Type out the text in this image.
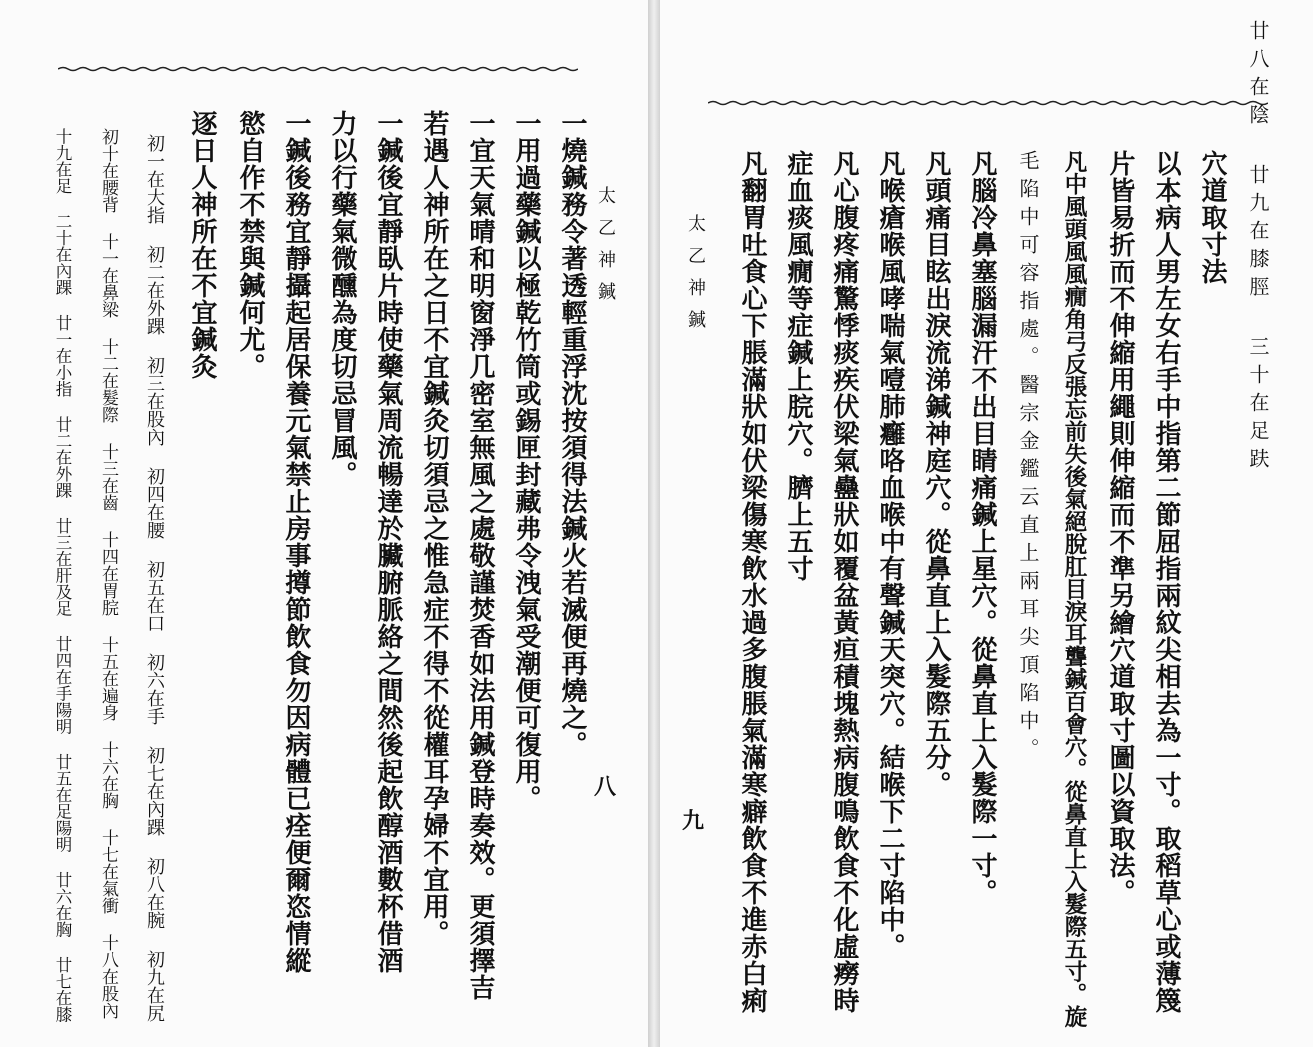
太乙神鍼
八
一燒鍼務令著透輕重浮沈按須得法鍼火若滅便再燒之。
一用過藥鍼以極乾竹筒或錫匣封藏弗令洩氣受潮便可復用。
一宜天氣晴和明窗淨几密室無風之處敬謹焚香如法用鍼登時奏效。更須擇吉
若遇人神所在之日不宜鍼灸切須忌之惟急症不得不從權耳孕婦不宜用。
一鍼後宜靜臥片時使藥氣周流暢達於臟腑脈絡之間然後起飲醇酒數杯借酒
力以行藥氣微醺為度切忌冒風。
一鍼後務宜靜攝起居保養元氣禁止房事撙節飲食勿因病體已痊便爾恣情縱
慾自作不禁與鍼何尤。
逐日人神所在不宜鍼灸
初一在大指 初二在外踝 初三在股內 初四在腰 初五在口 初六在手 初七在內踝 初八在腕 初九在尻
初十在腰背 十一在鼻梁 十二在髮際 十三在齒 十四在胃脘 十五在遍身 十六在胸 十七在氣衝 十八在股內
十九在足 二十在內踝 廿一在小指 廿二在外踝 廿三在肝及足 廿四在手陽明 廿五在足陽明 廿六在胸 廿七在膝	廿八在陰 廿九在膝脛 三十在足趺
穴道取寸法
以本病人男左女右手中指第二節屈指兩紋尖相去為一寸。取稻草心或薄篾
片皆易折而不伸縮用繩則伸縮而不準另繪穴道取寸圖以資取法。
凡中風頭風風癇角弓反張忘前失後氣絕脫肛目淚耳聾鍼百會穴。從鼻直上入髮際五寸。旋
毛陷中可容指處。醫宗金鑑云直上兩耳尖頂陷中。
凡腦冷鼻塞腦漏汗不出目睛痛鍼上星穴。從鼻直上入髮際一寸。
凡頭痛目眩出淚流涕鍼神庭穴。從鼻直上入髮際五分。
凡喉瘡喉風哮喘氣噎肺癰咯血喉中有聲鍼天突穴。結喉下二寸陷中。
凡心腹疼痛驚悸痰疾伏梁氣蠱狀如覆盆黃疸積塊熱病腹鳴飲食不化虛癆時
症血痰風癇等症鍼上脘穴。臍上五寸
凡翻胃吐食心下脹滿狀如伏梁傷寒飲水過多腹脹氣滿寒癖飲食不進赤白痢
太乙神鍼
九
